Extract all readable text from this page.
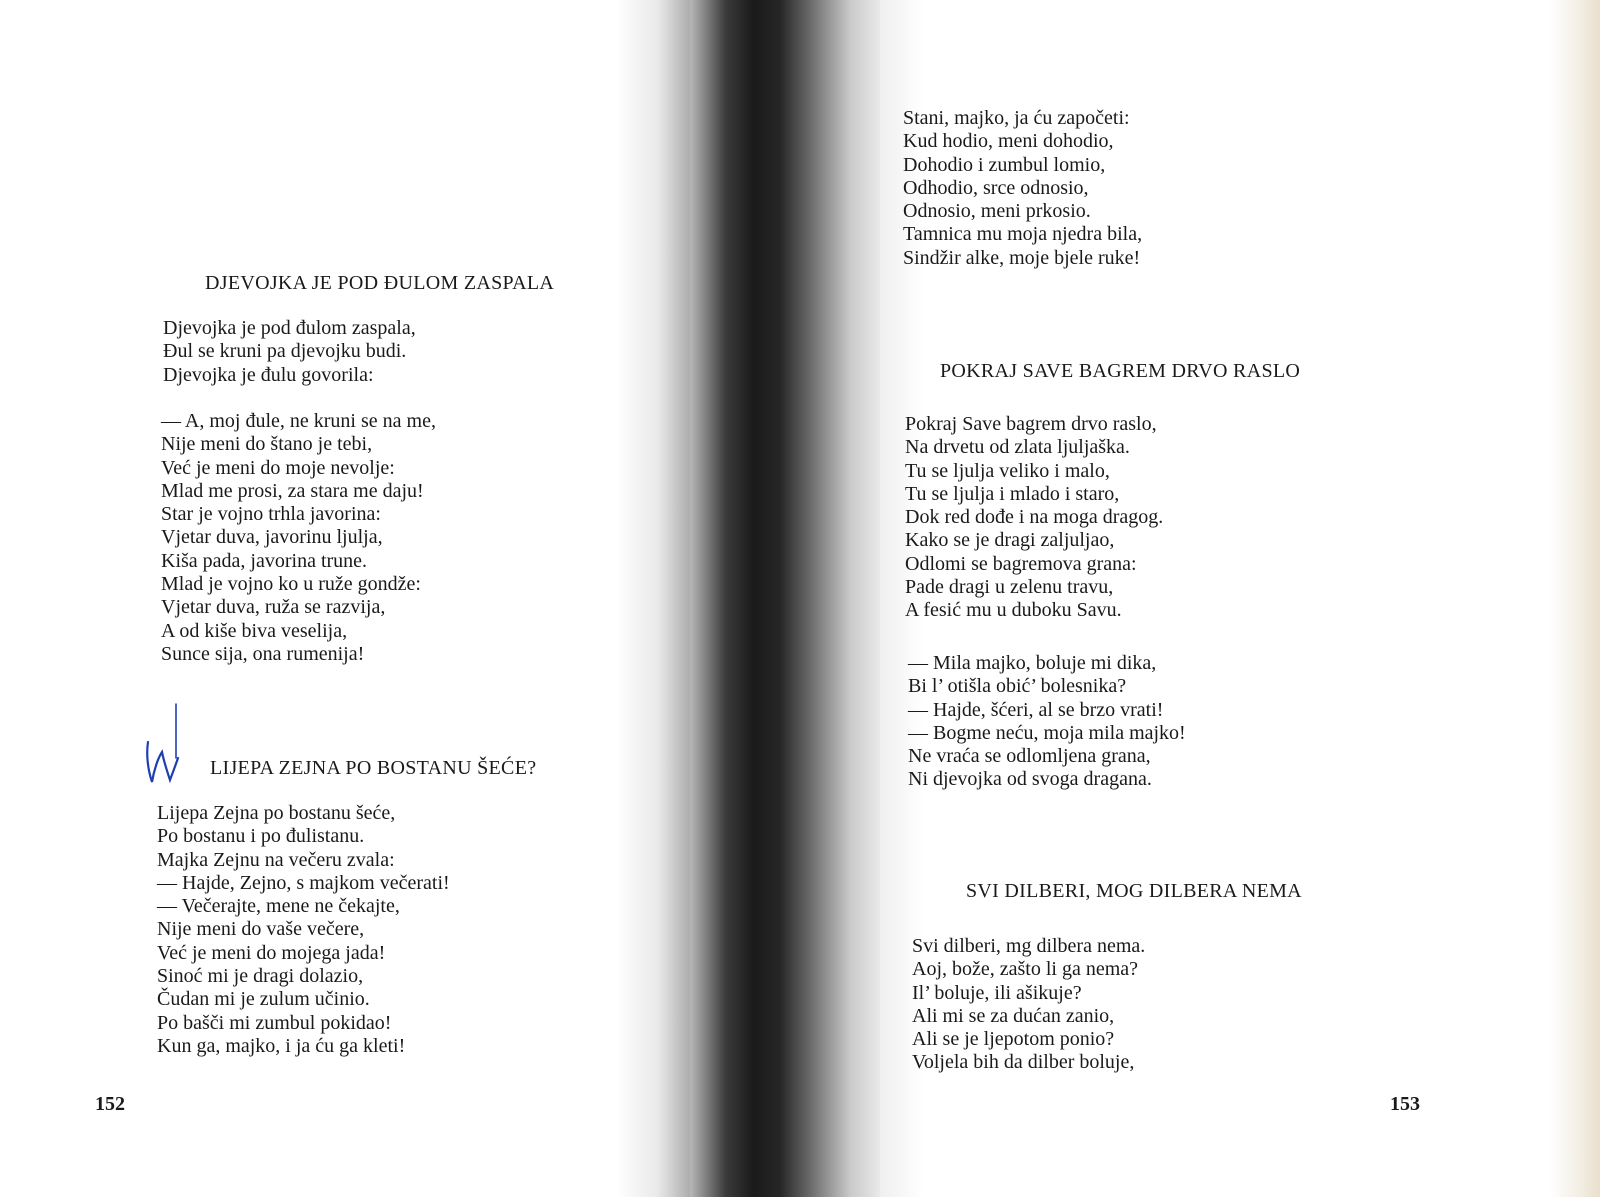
DJEVOJKA JE POD ĐULOM ZASPALA
Djevojka je pod đulom zaspala,
Đul se kruni pa djevojku budi.
Djevojka je đulu govorila:
— A, moj đule, ne kruni se na me,
Nije meni do štano je tebi,
Već je meni do moje nevolje:
Mlad me prosi, za stara me daju!
Star je vojno trhla javorina:
Vjetar duva, javorinu ljulja,
Kiša pada, javorina trune.
Mlad je vojno ko u ruže gondže:
Vjetar duva, ruža se razvija,
A od kiše biva veselija,
Sunce sija, ona rumenija!
LIJEPA ZEJNA PO BOSTANU ŠEĆE?
Lijepa Zejna po bostanu šeće,
Po bostanu i po đulistanu.
Majka Zejnu na večeru zvala:
— Hajde, Zejno, s majkom večerati!
— Večerajte, mene ne čekajte,
Nije meni do vaše večere,
Već je meni do mojega jada!
Sinoć mi je dragi dolazio,
Čudan mi je zulum učinio.
Po bašči mi zumbul pokidao!
Kun ga, majko, i ja ću ga kleti!
152
Stani, majko, ja ću započeti:
Kud hodio, meni dohodio,
Dohodio i zumbul lomio,
Odhodio, srce odnosio,
Odnosio, meni prkosio.
Tamnica mu moja njedra bila,
Sindžir alke, moje bjele ruke!
POKRAJ SAVE BAGREM DRVO RASLO
Pokraj Save bagrem drvo raslo,
Na drvetu od zlata ljuljaška.
Tu se ljulja veliko i malo,
Tu se ljulja i mlado i staro,
Dok red dođe i na moga dragog.
Kako se je dragi zaljuljao,
Odlomi se bagremova grana:
Pade dragi u zelenu travu,
A fesić mu u duboku Savu.
— Mila majko, boluje mi dika,
Bi l’ otišla obić’ bolesnika?
— Hajde, šćeri, al se brzo vrati!
— Bogme neću, moja mila majko!
Ne vraća se odlomljena grana,
Ni djevojka od svoga dragana.
SVI DILBERI, MOG DILBERA NEMA
Svi dilberi, mg dilbera nema.
Aoj, bože, zašto li ga nema?
Il’ boluje, ili ašikuje?
Ali mi se za dućan zanio,
Ali se je ljepotom ponio?
Voljela bih da dilber boluje,
153
